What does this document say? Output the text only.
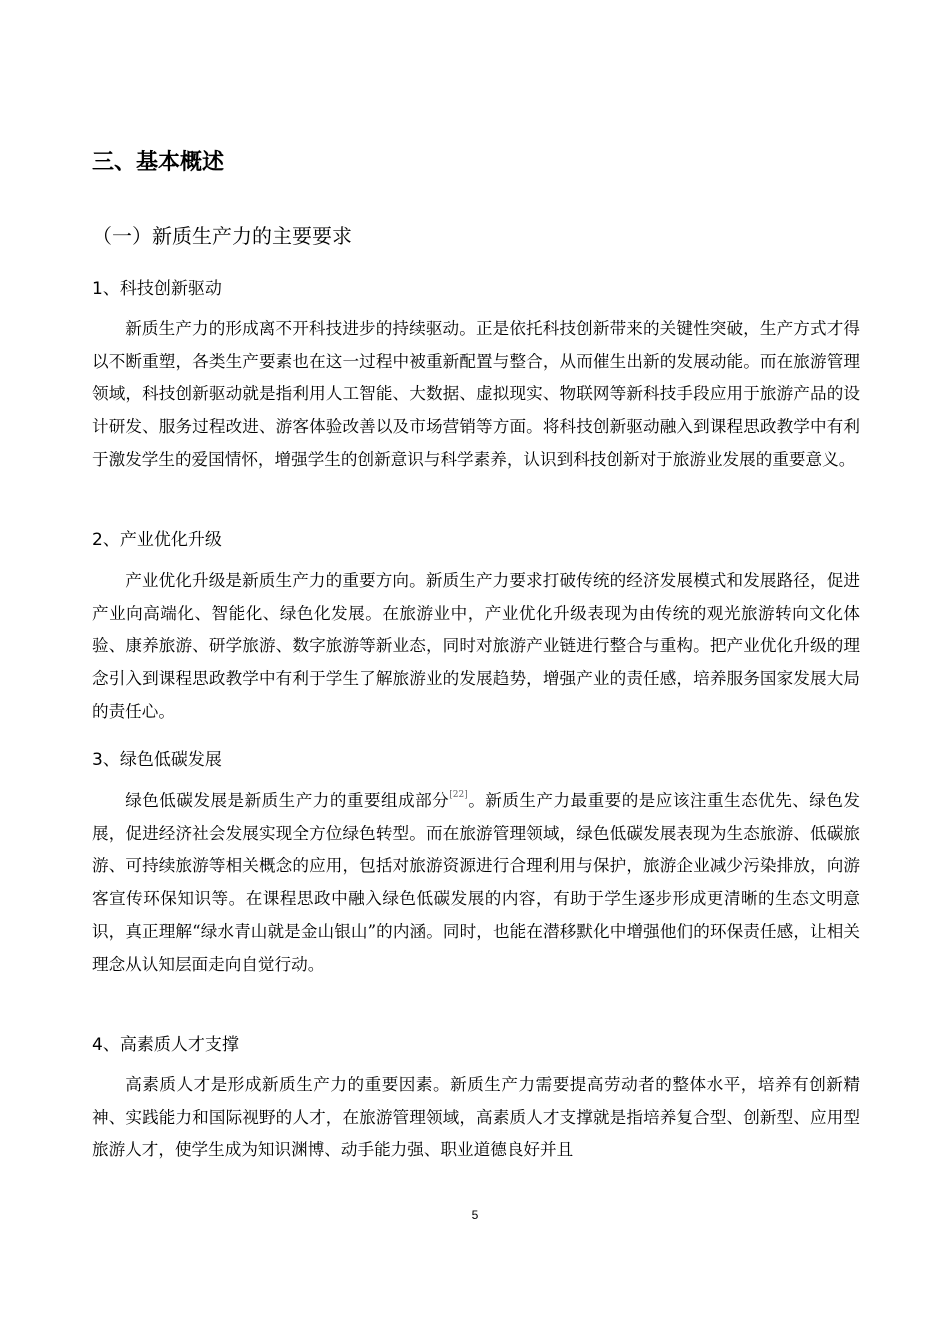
三、基本概述
（一）新质生产力的主要要求
1、科技创新驱动

新质生产力的形成离不开科技进步的持续驱动。正是依托科技创新带来的关键性突破，生产方式才得以不断重塑，各类生产要素也在这一过程中被重新配置与整合，从而催生出新的发展动能。而在旅游管理领域，科技创新驱动就是指利用人工智能、大数据、虚拟现实、物联网等新科技手段应用于旅游产品的设计研发、服务过程改进、游客体验改善以及市场营销等方面。将科技创新驱动融入到课程思政教学中有利于激发学生的爱国情怀，增强学生的创新意识与科学素养，认识到科技创新对于旅游业发展的重要意义。

2、产业优化升级

产业优化升级是新质生产力的重要方向。新质生产力要求打破传统的经济发展模式和发展路径，促进产业向高端化、智能化、绿色化发展。在旅游业中，产业优化升级表现为由传统的观光旅游转向文化体验、康养旅游、研学旅游、数字旅游等新业态，同时对旅游产业链进行整合与重构。把产业优化升级的理念引入到课程思政教学中有利于学生了解旅游业的发展趋势，增强产业的责任感，培养服务国家发展大局的责任心。

3、绿色低碳发展

绿色低碳发展是新质生产力的重要组成部分[22]。新质生产力最重要的是应该注重生态优先、绿色发展，促进经济社会发展实现全方位绿色转型。而在旅游管理领域，绿色低碳发展表现为生态旅游、低碳旅游、可持续旅游等相关概念的应用，包括对旅游资源进行合理利用与保护，旅游企业减少污染排放，向游客宣传环保知识等。在课程思政中融入绿色低碳发展的内容，有助于学生逐步形成更清晰的生态文明意识，真正理解“绿水青山就是金山银山”的内涵。同时，也能在潜移默化中增强他们的环保责任感，让相关理念从认知层面走向自觉行动。

4、高素质人才支撑

高素质人才是形成新质生产力的重要因素。新质生产力需要提高劳动者的整体水平，培养有创新精神、实践能力和国际视野的人才，在旅游管理领域，高素质人才支撑就是指培养复合型、创新型、应用型旅游人才，使学生成为知识渊博、动手能力强、职业道德良好并且

5
